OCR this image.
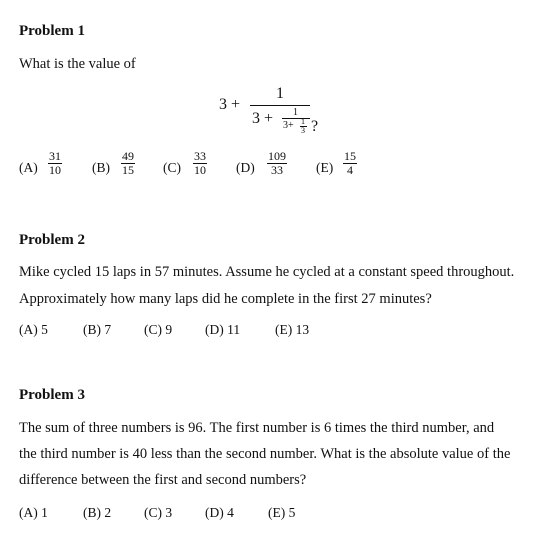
Problem 1
What is the value of
3 +
1
3 + 1
3+ 1
3 ?
(A)
31
10 (B)
49
15 (C)
33
10 (D)
109
33 (E)
15
4
Problem 2
Mike cycled 15 laps in 57 minutes. Assume he cycled at a constant speed throughout.
Approximately how many laps did he complete in the first 27 minutes?
(A) 5	(B) 7 (C) 9 (D) 11	(E) 13
Problem 3
The sum of three numbers is 96. The first number is 6 times the third number, and
the third number is 40 less than the second number. What is the absolute value of the
difference between the first and second numbers?
(A) 1	(B) 2 (C) 3 (D) 4	(E) 5
